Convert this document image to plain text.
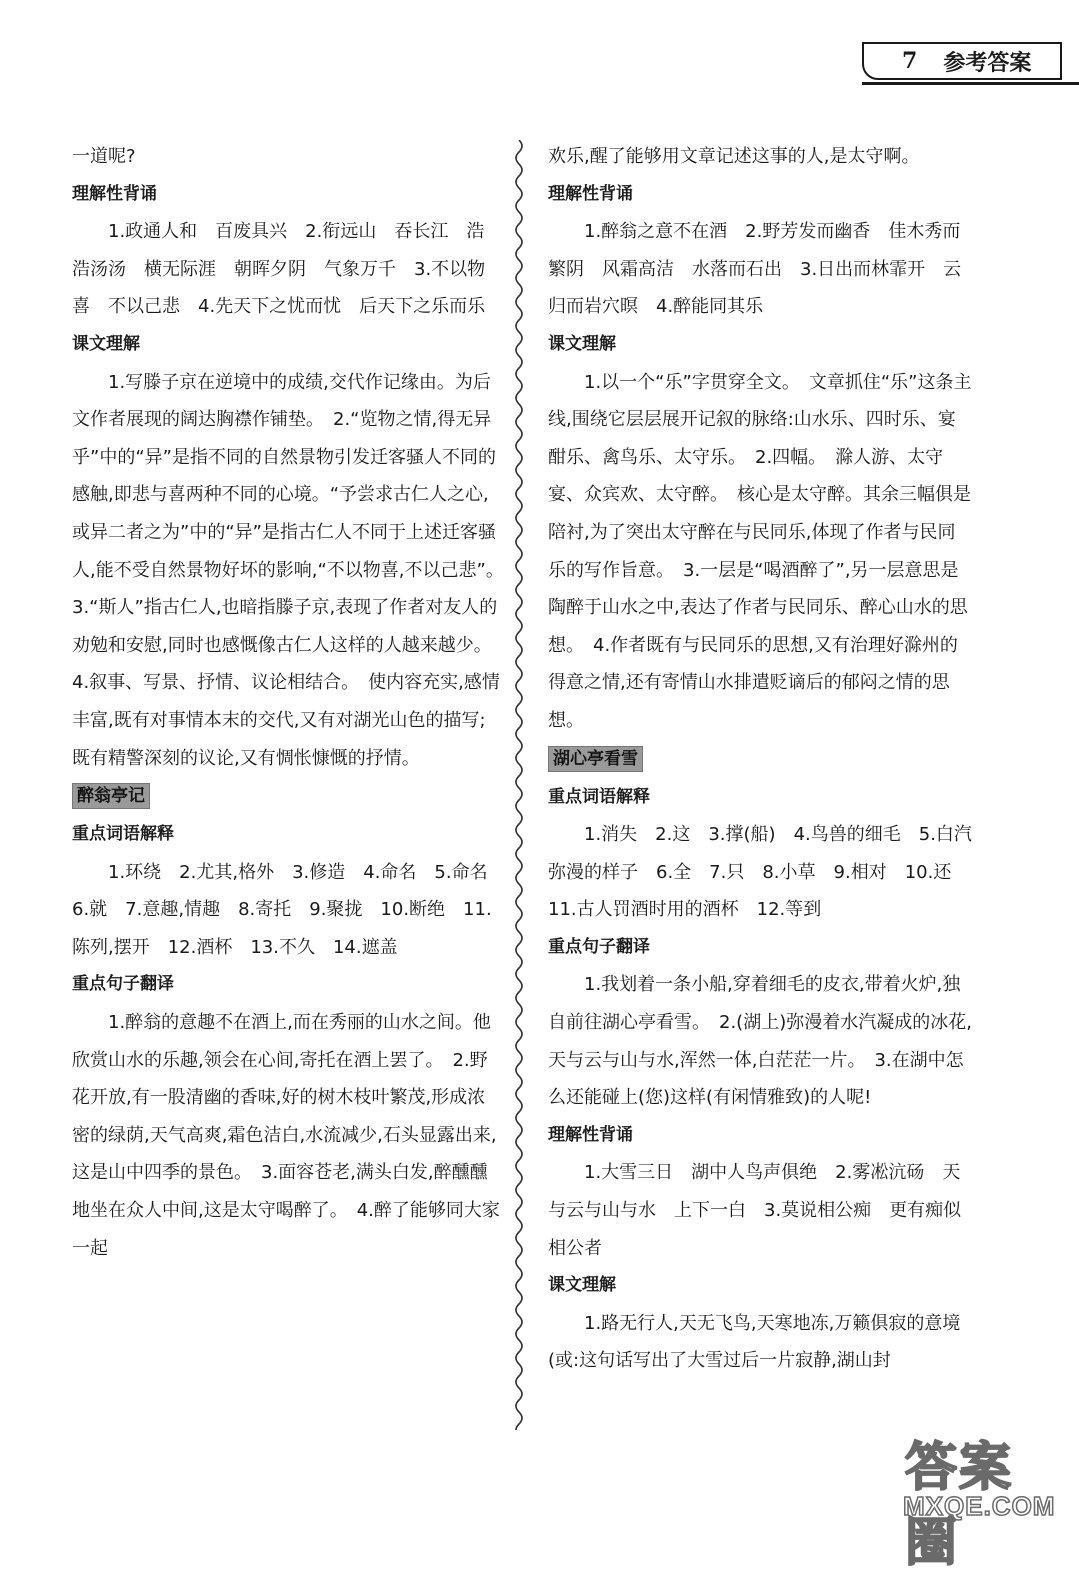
7 参考答案

一道呢?

理解性背诵

1.政通人和　百废具兴　2.衔远山　吞长江　浩浩汤汤　横无际涯　朝晖夕阴　气象万千　3.不以物喜　不以己悲　4.先天下之忧而忧　后天下之乐而乐

课文理解

1.写滕子京在逆境中的成绩,交代作记缘由。为后文作者展现的阔达胸襟作铺垫。　2.“览物之情,得无异乎”中的“异”是指不同的自然景物引发迁客骚人不同的感触,即悲与喜两种不同的心境。“予尝求古仁人之心,或异二者之为”中的“异”是指古仁人不同于上述迁客骚人,能不受自然景物好坏的影响,“不以物喜,不以己悲”。　3.“斯人”指古仁人,也暗指滕子京,表现了作者对友人的劝勉和安慰,同时也感慨像古仁人这样的人越来越少。　4.叙事、写景、抒情、议论相结合。　使内容充实,感情丰富,既有对事情本末的交代,又有对湖光山色的描写;既有精警深刻的议论,又有惆怅慷慨的抒情。

醉翁亭记

重点词语解释

1.环绕　2.尤其,格外　3.修造　4.命名　5.命名　6.就　7.意趣,情趣　8.寄托　9.聚拢　10.断绝　11.陈列,摆开　12.酒杯　13.不久　14.遮盖

重点句子翻译

1.醉翁的意趣不在酒上,而在秀丽的山水之间。他欣赏山水的乐趣,领会在心间,寄托在酒上罢了。　2.野花开放,有一股清幽的香味,好的树木枝叶繁茂,形成浓密的绿荫,天气高爽,霜色洁白,水流减少,石头显露出来,这是山中四季的景色。　3.面容苍老,满头白发,醉醺醺地坐在众人中间,这是太守喝醉了。　4.醉了能够同大家一起

欢乐,醒了能够用文章记述这事的人,是太守啊。

理解性背诵

1.醉翁之意不在酒　2.野芳发而幽香　佳木秀而繁阴　风霜高洁　水落而石出　3.日出而林霏开　云归而岩穴暝　4.醉能同其乐

课文理解

1.以一个“乐”字贯穿全文。　文章抓住“乐”这条主线,围绕它层层展开记叙的脉络:山水乐、四时乐、宴酣乐、禽鸟乐、太守乐。　2.四幅。　滁人游、太守宴、众宾欢、太守醉。　核心是太守醉。其余三幅俱是陪衬,为了突出太守醉在与民同乐,体现了作者与民同乐的写作旨意。　3.一层是“喝酒醉了”,另一层意思是陶醉于山水之中,表达了作者与民同乐、醉心山水的思想。　4.作者既有与民同乐的思想,又有治理好滁州的得意之情,还有寄情山水排遣贬谪后的郁闷之情的思想。

湖心亭看雪

重点词语解释

1.消失　2.这　3.撑(船)　4.鸟兽的细毛　5.白汽弥漫的样子　6.全　7.只　8.小草　9.相对　10.还　11.古人罚酒时用的酒杯　12.等到

重点句子翻译

1.我划着一条小船,穿着细毛的皮衣,带着火炉,独自前往湖心亭看雪。　2.(湖上)弥漫着水汽凝成的冰花,天与云与山与水,浑然一体,白茫茫一片。　3.在湖中怎么还能碰上(您)这样(有闲情雅致)的人呢!

理解性背诵

1.大雪三日　湖中人鸟声俱绝　2.雾凇沆砀　天与云与山与水　上下一白　3.莫说相公痴　更有痴似相公者

课文理解

1.路无行人,天无飞鸟,天寒地冻,万籁俱寂的意境(或:这句话写出了大雪过后一片寂静,湖山封

答案圈
MXQE.COM
